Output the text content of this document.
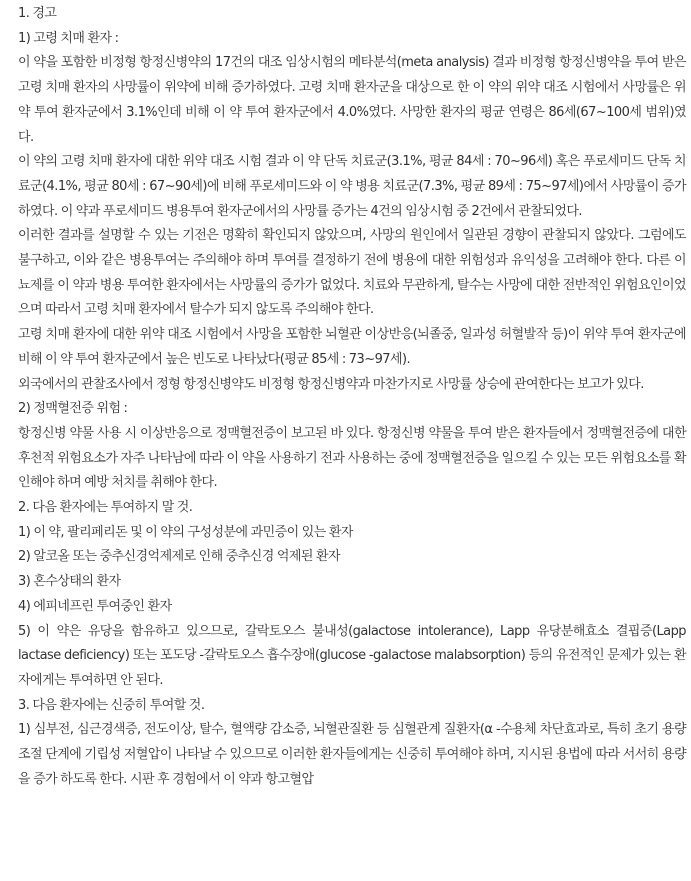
1. 경고

1) 고령 치매 환자 :

이 약을 포함한 비정형 항정신병약의 17건의 대조 임상시험의 메타분석(meta analysis) 결과 비정형 항정신병약을 투여 받은 고령 치매 환자의 사망률이 위약에 비해 증가하였다. 고령 치매 환자군을 대상으로 한 이 약의 위약 대조 시험에서 사망률은 위약 투여 환자군에서 3.1%인데 비해 이 약 투여 환자군에서 4.0%였다. 사망한 환자의 평균 연령은 86세(67~100세 범위)였다.

이 약의 고령 치매 환자에 대한 위약 대조 시험 결과 이 약 단독 치료군(3.1%, 평균 84세 : 70~96세) 혹은 푸로세미드 단독 치료군(4.1%, 평균 80세 : 67~90세)에 비해 푸로세미드와 이 약 병용 치료군(7.3%, 평균 89세 : 75~97세)에서 사망률이 증가하였다. 이 약과 푸로세미드 병용투여 환자군에서의 사망률 증가는 4건의 임상시험 중 2건에서 관찰되었다.

이러한 결과를 설명할 수 있는 기전은 명확히 확인되지 않았으며, 사망의 원인에서 일관된 경향이 관찰되지 않았다. 그럼에도 불구하고, 이와 같은 병용투여는 주의해야 하며 투여를 결정하기 전에 병용에 대한 위험성과 유익성을 고려해야 한다. 다른 이뇨제를 이 약과 병용 투여한 환자에서는 사망률의 증가가 없었다. 치료와 무관하게, 탈수는 사망에 대한 전반적인 위험요인이었으며 따라서 고령 치매 환자에서 탈수가 되지 않도록 주의해야 한다.

고령 치매 환자에 대한 위약 대조 시험에서 사망을 포함한 뇌혈관 이상반응(뇌졸중, 일과성 허혈발작 등)이 위약 투여 환자군에 비해 이 약 투여 환자군에서 높은 빈도로 나타났다(평균 85세 : 73~97세).

외국에서의 관찰조사에서 정형 항정신병약도 비정형 항정신병약과 마찬가지로 사망률 상승에 관여한다는 보고가 있다.

2) 정맥혈전증 위험 :

항정신병 약물 사용 시 이상반응으로 정맥혈전증이 보고된 바 있다. 항정신병 약물을 투여 받은 환자들에서 정맥혈전증에 대한 후천적 위험요소가 자주 나타남에 따라 이 약을 사용하기 전과 사용하는 중에 정맥혈전증을 일으킬 수 있는 모든 위험요소를 확인해야 하며 예방 처치를 취해야 한다.

2. 다음 환자에는 투여하지 말 것.

1) 이 약, 팔리페리돈 및 이 약의 구성성분에 과민증이 있는 환자

2) 알코올 또는 중추신경억제제로 인해 중추신경 억제된 환자

3) 혼수상태의 환자

4) 에피네프린 투여중인 환자

5) 이 약은 유당을 함유하고 있으므로, 갈락토오스 불내성(galactose intolerance), Lapp 유당분해효소 결핍증(Lapp lactase deficiency) 또는 포도당 -갈락토오스 흡수장애(glucose -galactose malabsorption) 등의 유전적인 문제가 있는 환자에게는 투여하면 안 된다.

3. 다음 환자에는 신중히 투여할 것.

1) 심부전, 심근경색증, 전도이상, 탈수, 혈액량 감소증, 뇌혈관질환 등 심혈관계 질환자(α -수용체 차단효과로, 특히 초기 용량 조절 단계에 기립성 저혈압이 나타날 수 있으므로 이러한 환자들에게는 신중히 투여해야 하며, 지시된 용법에 따라 서서히 용량을 증가 하도록 한다. 시판 후 경험에서 이 약과 항고혈압
